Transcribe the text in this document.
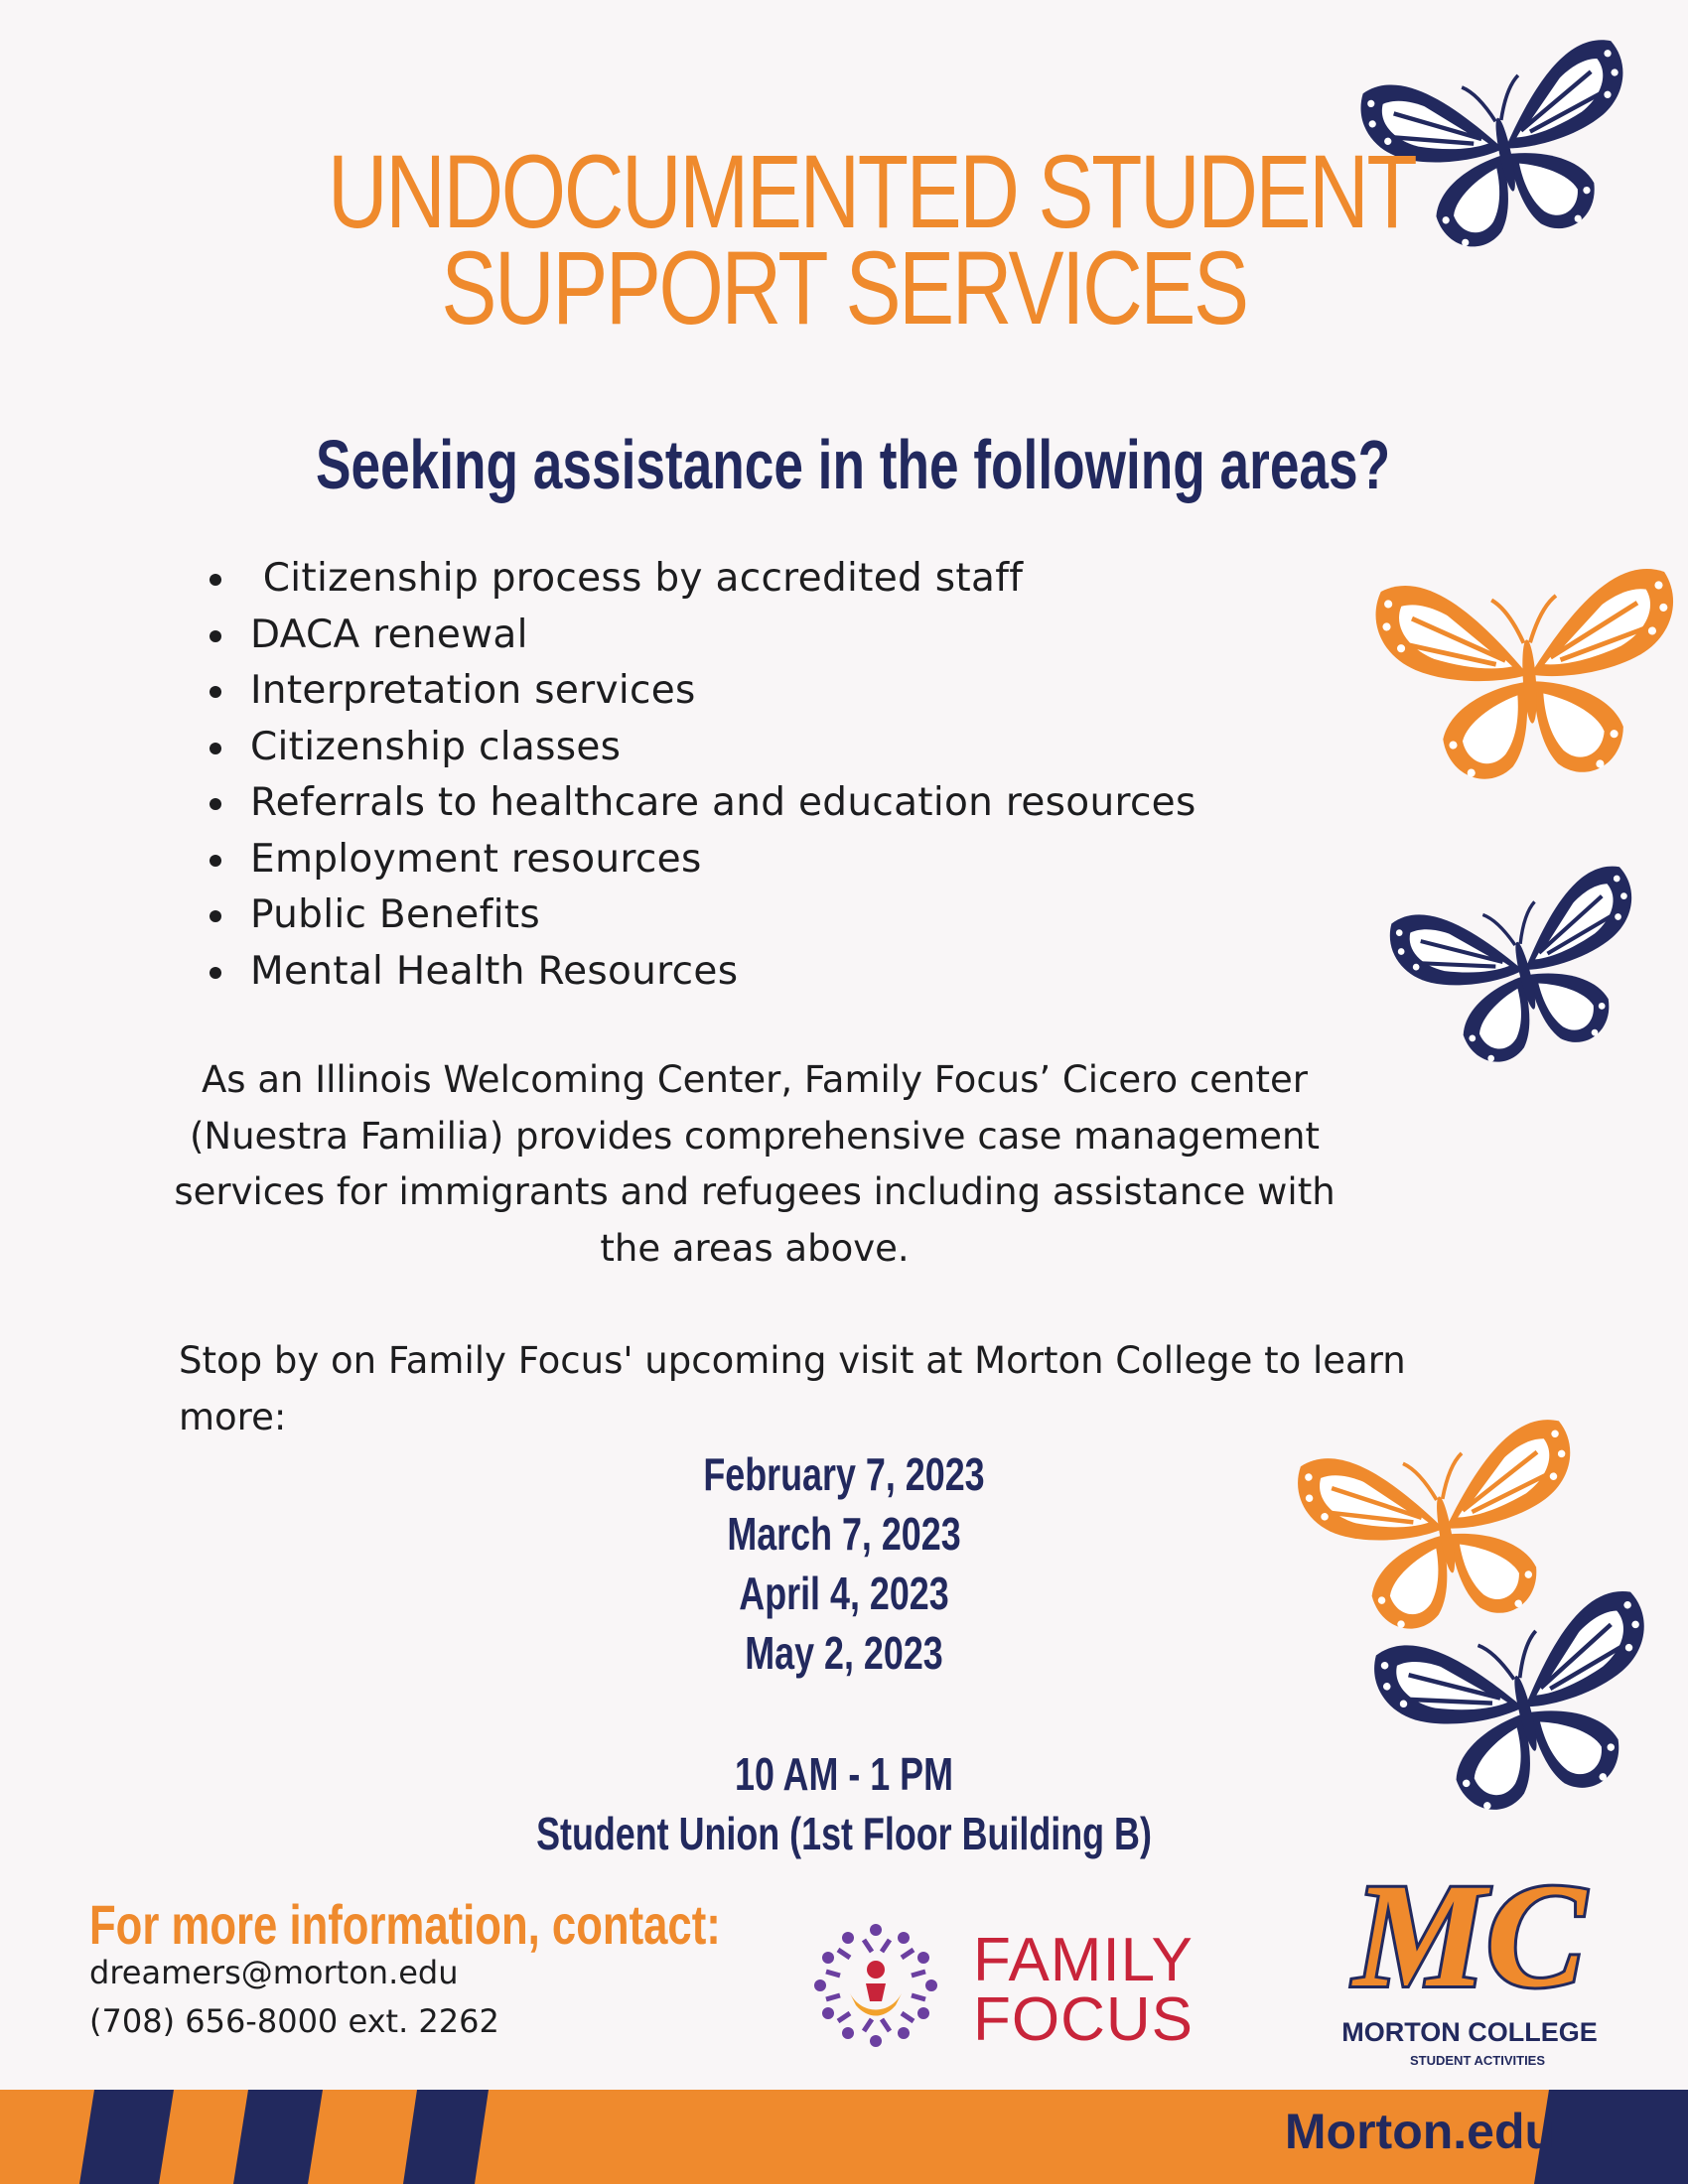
UNDOCUMENTED STUDENT
SUPPORT SERVICES
Seeking assistance in the following areas?
Citizenship process by accredited staff
DACA renewal
Interpretation services
Citizenship classes
Referrals to healthcare and education resources
Employment resources
Public Benefits
Mental Health Resources

As an Illinois Welcoming Center, Family Focus’ Cicero center (Nuestra Familia) provides comprehensive case management services for immigrants and refugees including assistance with the areas above.

Stop by on Family Focus' upcoming visit at Morton College to learn more:

February 7, 2023
March 7, 2023
April 4, 2023
May 2, 2023
10 AM - 1 PM
Student Union (1st Floor Building B)
For more information, contact:
dreamers@morton.edu
(708) 656-8000 ext. 2262
FAMILY
FOCUS
MC
MORTON COLLEGE
STUDENT ACTIVITIES
Morton.edu
